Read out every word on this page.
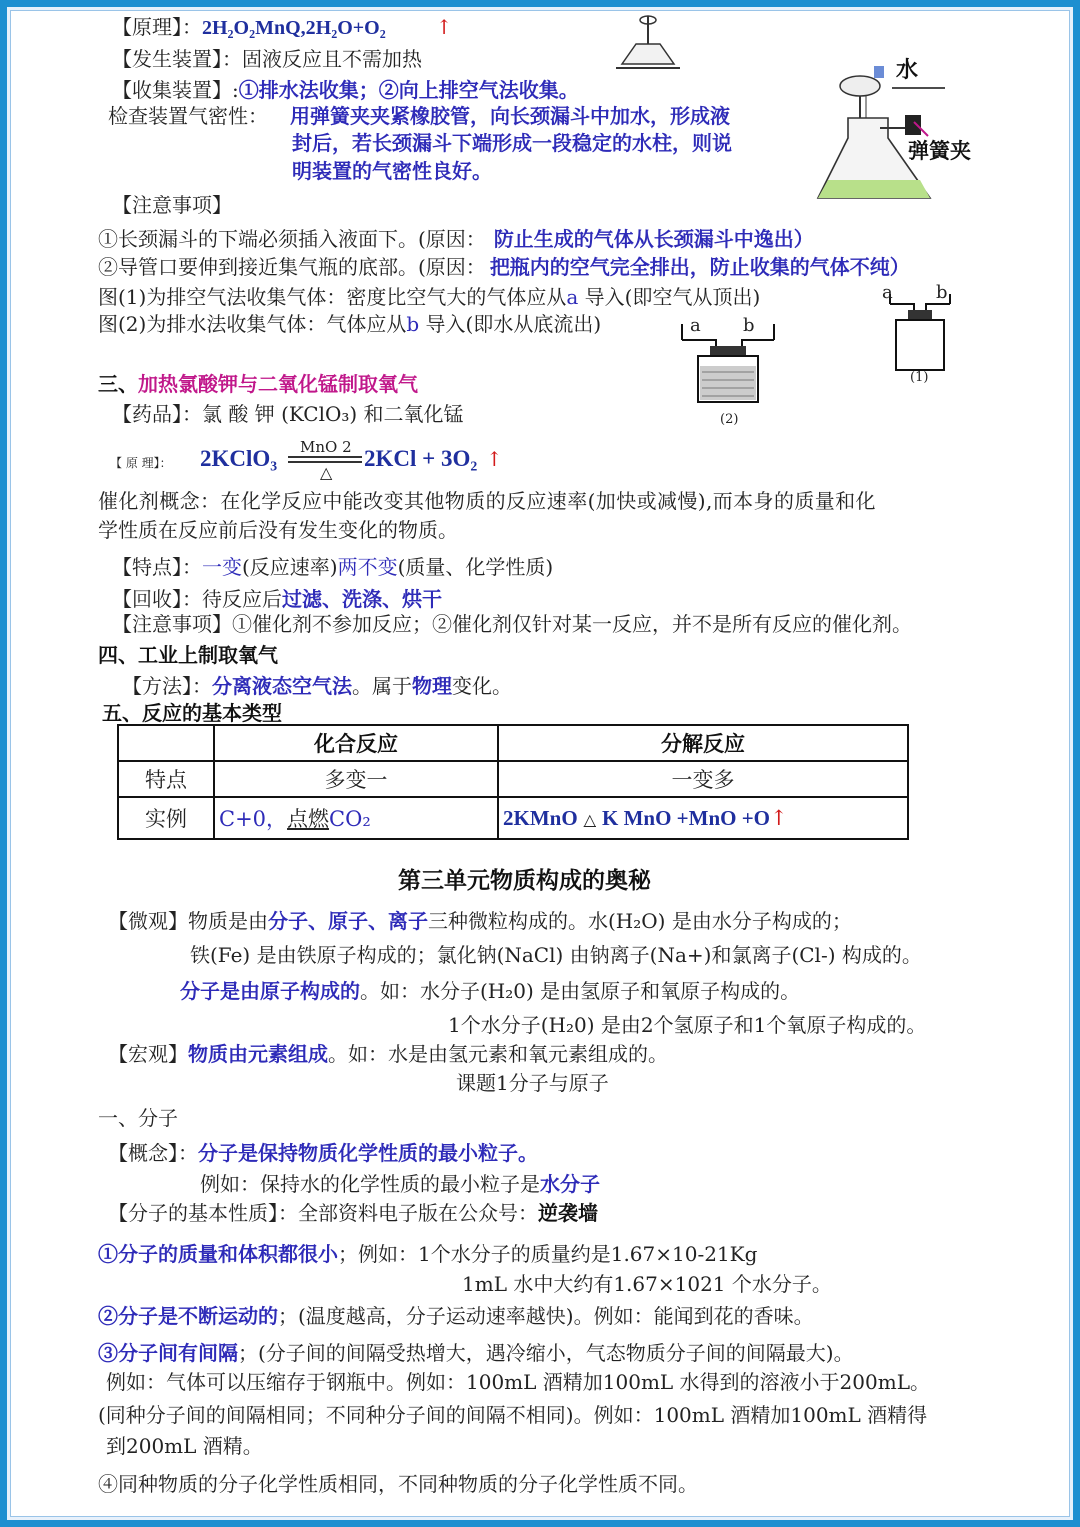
【原理】：2H₂O₂MnQ,2H₂O+O₂	↑
【发生装置】：固液反应且不需加热
【收集装置】:①排水法收集；②向上排空气法收集。
检查装置气密性： 用弹簧夹夹紧橡胶管，向长颈漏斗中加水，形成液
封后，若长颈漏斗下端形成一段稳定的水柱，则说
明装置的气密性良好。
水
弹簧夹
【注意事项】
①长颈漏斗的下端必须插入液面下。(原因： 防止生成的气体从长颈漏斗中逸出）
②导管口要伸到接近集气瓶的底部。(原因： 把瓶内的空气完全排出，防止收集的气体不纯）
图(1)为排空气法收集气体：密度比空气大的气体应从a 导入(即空气从顶出)
图(2)为排水法收集气体：气体应从b 导入(即水从底流出)	a b
(2)
a b
(1)
三、加热氯酸钾与二氧化锰制取氧气
【药品】：氯 酸 钾 (KClO₃) 和二氧化锰
【 原 理】： 2KClO₃ MnO 2
△
2KCl + 3O₂ ↑
催化剂概念：在化学反应中能改变其他物质的反应速率(加快或减慢),而本身的质量和化
学性质在反应前后没有发生变化的物质。
【特点】：一变(反应速率)两不变(质量、化学性质)
【回收】：待反应后过滤、洗涤、烘干
【注意事项】①催化剂不参加反应；②催化剂仅针对某一反应，并不是所有反应的催化剂。
四、工业上制取氧气
【方法】：分离液态空气法。属于物理变化。
五、反应的基本类型
	化合反应	分解反应
特点	多变一	一变多
实例	C+0，点燃CO₂	2KMnO △ K MnO +MnO +O↑
第三单元物质构成的奥秘
【微观】物质是由分子、原子、离子三种微粒构成的。水(H₂O) 是由水分子构成的；
铁(Fe) 是由铁原子构成的；氯化钠(NaCl) 由钠离子(Na+)和氯离子(Cl-) 构成的。
分子是由原子构成的。如：水分子(H₂0) 是由氢原子和氧原子构成的。
1个水分子(H₂0) 是由2个氢原子和1个氧原子构成的。
【宏观】物质由元素组成。如：水是由氢元素和氧元素组成的。
课题1分子与原子
一、分子
【概念】：分子是保持物质化学性质的最小粒子。
例如：保持水的化学性质的最小粒子是水分子
【分子的基本性质】：全部资料电子版在公众号：逆袭墙
①分子的质量和体积都很小；例如：1个水分子的质量约是1.67×10-21Kg
1mL 水中大约有1.67×1021 个水分子。
②分子是不断运动的；(温度越高，分子运动速率越快)。例如：能闻到花的香味。
③分子间有间隔；(分子间的间隔受热增大，遇冷缩小，气态物质分子间的间隔最大)。
例如：气体可以压缩存于钢瓶中。例如：100mL 酒精加100mL 水得到的溶液小于200mL。
(同种分子间的间隔相同；不同种分子间的间隔不相同)。例如：100mL 酒精加100mL 酒精得
到200mL 酒精。
④同种物质的分子化学性质相同，不同种物质的分子化学性质不同。
